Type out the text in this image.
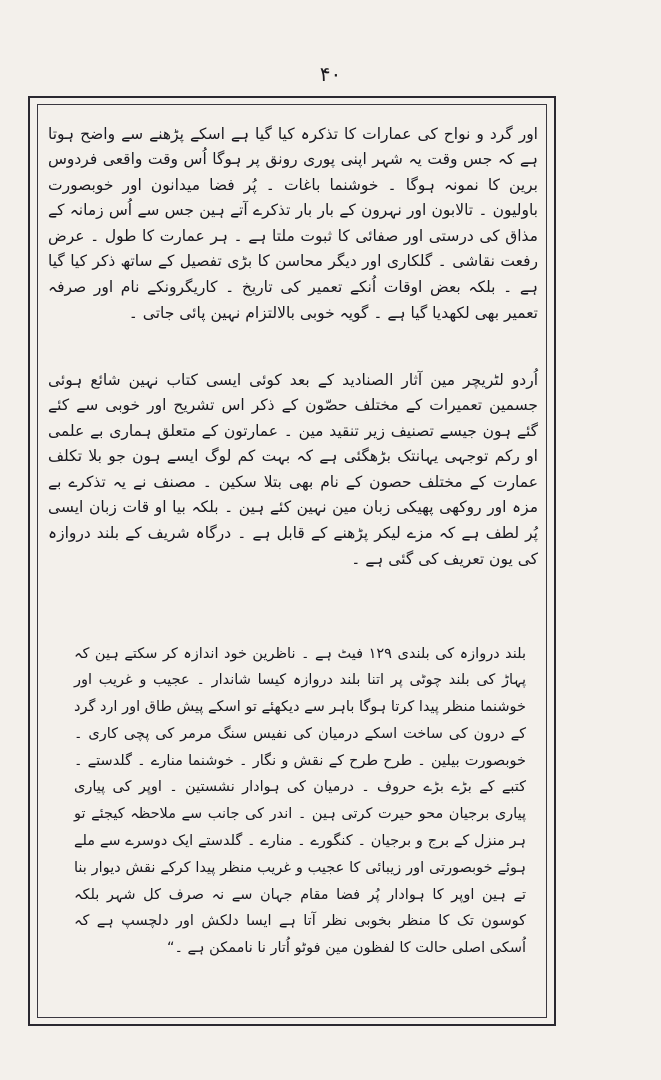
۴۰

اور گرد و نواح کی عمارات کا تذکرہ کیا گیا ہے اسکے پڑھنے سے واضح ہوتا ہے کہ جس وقت یہ شہر اپنی پوری رونق پر ہوگا اُس وقت واقعی فردوس برین کا نمونہ ہوگا ۔ خوشنما باغات ۔ پُر فضا میدانون اور خوبصورت باولیون ۔ تالابون اور نہرون کے بار بار تذکرے آتے ہین جس سے اُس زمانہ کے مذاق کی درستی اور صفائی کا ثبوت ملتا ہے ۔ ہر عمارت کا طول ۔ عرض رفعت نقاشی ۔ گلکاری اور دیگر محاسن کا بڑی تفصیل کے ساتھ ذکر کیا گیا ہے ۔ بلکہ بعض اوقات اُنکے تعمیر کی تاریخ ۔ کاریگرونکے نام اور صرفہ تعمیر بھی لکھدیا گیا ہے ۔ گویہ خوبی بالالتزام نہین پائی جاتی ۔

اُردو لٹریچر مین آثار الصنادید کے بعد کوئی ایسی کتاب نہین شائع ہوئی جسمین تعمیرات کے مختلف حصّون کے ذکر اس تشریح اور خوبی سے کئے گئے ہون جیسے تصنیف زیر تنقید مین ۔ عمارتون کے متعلق ہماری بے علمی او رکم توجہی یہانتک بڑھگئی ہے کہ بہت کم لوگ ایسے ہون جو بلا تکلف عمارت کے مختلف حصون کے نام بھی بتلا سکین ۔ مصنف نے یہ تذکرے بے مزہ اور روکھی پھیکی زبان مین نہین کئے ہین ۔ بلکہ بیا او قات زبان ایسی پُر لطف ہے کہ مزے لیکر پڑھنے کے قابل ہے ۔ درگاہ شریف کے بلند دروازہ کی یون تعریف کی گئی ہے ۔

بلند دروازہ کی بلندی ۱۲۹ فیٹ ہے ۔ ناظرین خود اندازہ کر سکتے ہین کہ پہاڑ کی بلند چوٹی پر اتنا بلند دروازہ کیسا شاندار ۔ عجیب و غریب اور خوشنما منظر پیدا کرتا ہوگا باہر سے دیکھئے تو اسکے پیش طاق اور ارد گرد کے درون کی ساخت اسکے درمیان کی نفیس سنگ مرمر کی پچی کاری ۔ خوبصورت بیلین ۔ طرح طرح کے نقش و نگار ۔ خوشنما منارے ۔ گلدستے ۔ کتبے کے بڑے بڑے حروف ۔ درمیان کی ہوادار نشستین ۔ اوپر کی پیاری پیاری برجیان محو حیرت کرتی ہین ۔ اندر کی جانب سے ملاحظہ کیجئے تو ہر منزل کے برج و برجیان ۔ کنگورے ۔ منارے ۔ گلدستے ایک دوسرے سے ملے ہوئے خوبصورتی اور زیبائی کا عجیب و غریب منظر پیدا کرکے نقش دیوار بنا تے ہین اوپر کا ہوادار پُر فضا مقام جہان سے نہ صرف کل شہر بلکہ کوسون تک کا منظر بخوبی نظر آتا ہے ایسا دلکش اور دلچسپ ہے کہ اُسکی اصلی حالت کا لفظون مین فوٹو اُتار نا ناممکن ہے ۔“
